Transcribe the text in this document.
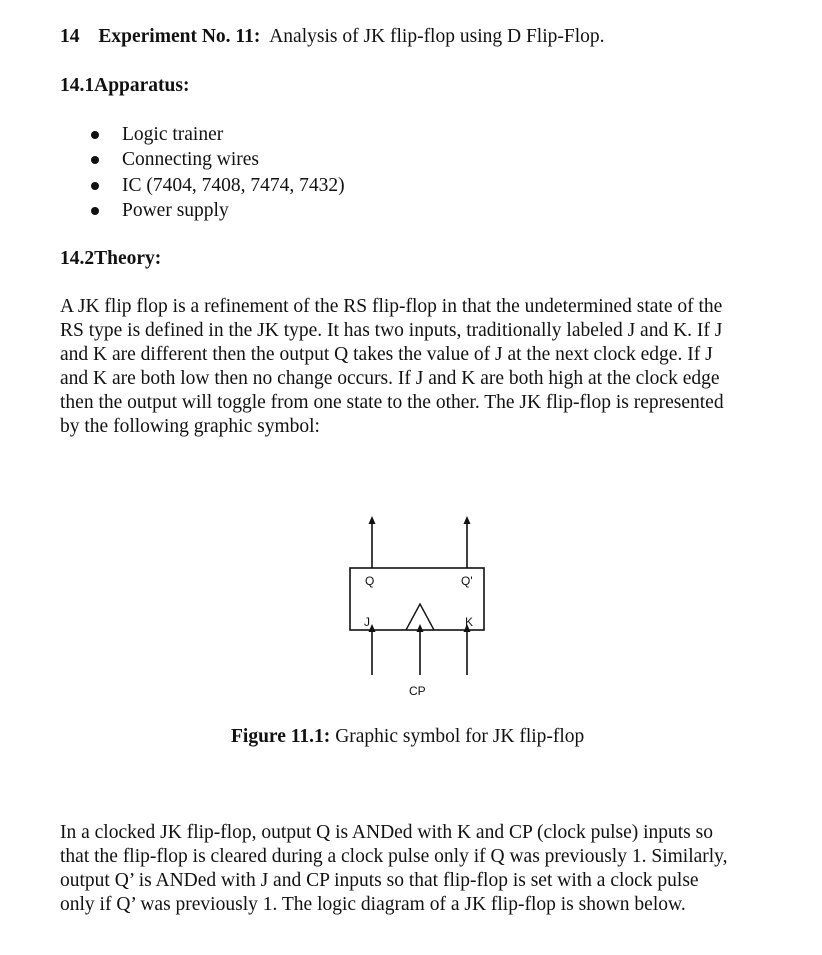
14 Experiment No. 11: Analysis of JK flip-flop using D Flip-Flop.
14.1Apparatus:
Logic trainer
Connecting wires
IC (7404, 7408, 7474, 7432)
Power supply
14.2Theory:
A JK flip flop is a refinement of the RS flip-flop in that the undetermined state of the
RS type is defined in the JK type. It has two inputs, traditionally labeled J and K. If J
and K are different then the output Q takes the value of J at the next clock edge. If J
and K are both low then no change occurs. If J and K are both high at the clock edge
then the output will toggle from one state to the other. The JK flip-flop is represented
by the following graphic symbol:
Q	Q'
J	K
CP
Figure 11.1: Graphic symbol for JK flip-flop
In a clocked JK flip-flop, output Q is ANDed with K and CP (clock pulse) inputs so
that the flip-flop is cleared during a clock pulse only if Q was previously 1. Similarly,
output Q’ is ANDed with J and CP inputs so that flip-flop is set with a clock pulse
only if Q’ was previously 1. The logic diagram of a JK flip-flop is shown below.
